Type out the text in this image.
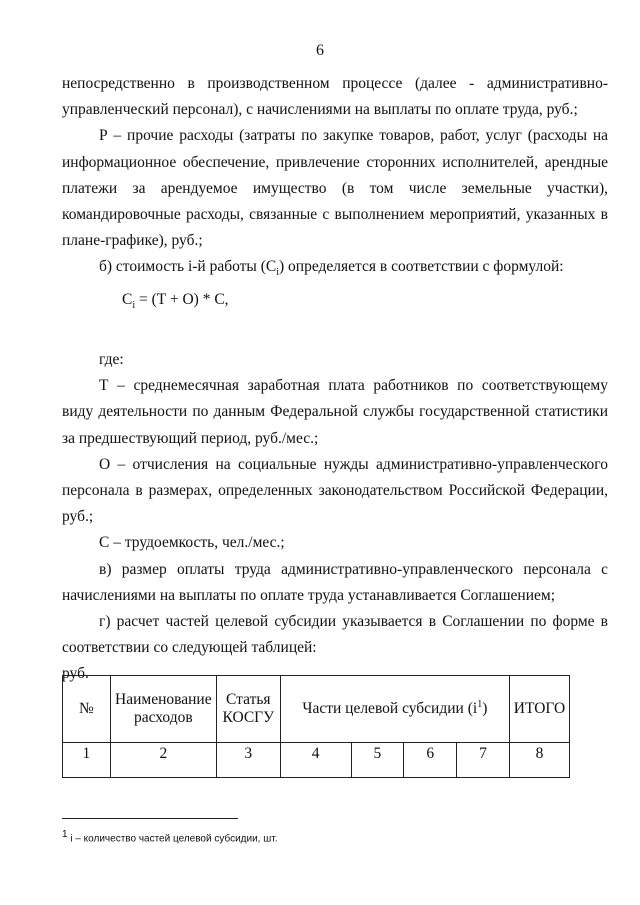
6

непосредственно в производственном процессе (далее - административно-

управленческий персонал), с начислениями на выплаты по оплате труда, руб.;

Р – прочие расходы (затраты по закупке товаров, работ, услуг (расходы на информационное обеспечение, привлечение сторонних исполнителей, арендные платежи за арендуемое имущество (в том числе земельные участки), командировочные расходы, связанные с выполнением мероприятий, указанных в плане-графике), руб.;

б) стоимость i-й работы $(C_i)$ определяется в соответствии с формулой:

$C_i = (T + O) * C$,

где:

Т – среднемесячная заработная плата работников по соответствующему виду деятельности по данным Федеральной службы государственной статистики за предшествующий период, руб./мес.;

О – отчисления на социальные нужды административно-управленческого персонала в размерах, определенных законодательством Российской Федерации, руб.;

С – трудоемкость, чел./мес.;

в) размер оплаты труда административно-управленческого персонала с начислениями на выплаты по оплате труда устанавливается Соглашением;

г) расчет частей целевой субсидии указывается в Соглашении по форме в соответствии со следующей таблицей:

руб.

№	Наименование расходов	Статья КОСГУ	Части целевой субсидии $(i^1)$				ИТОГО
1	2	3	4	5	6	7	8
$^1$ i – количество частей целевой субсидии, шт.
